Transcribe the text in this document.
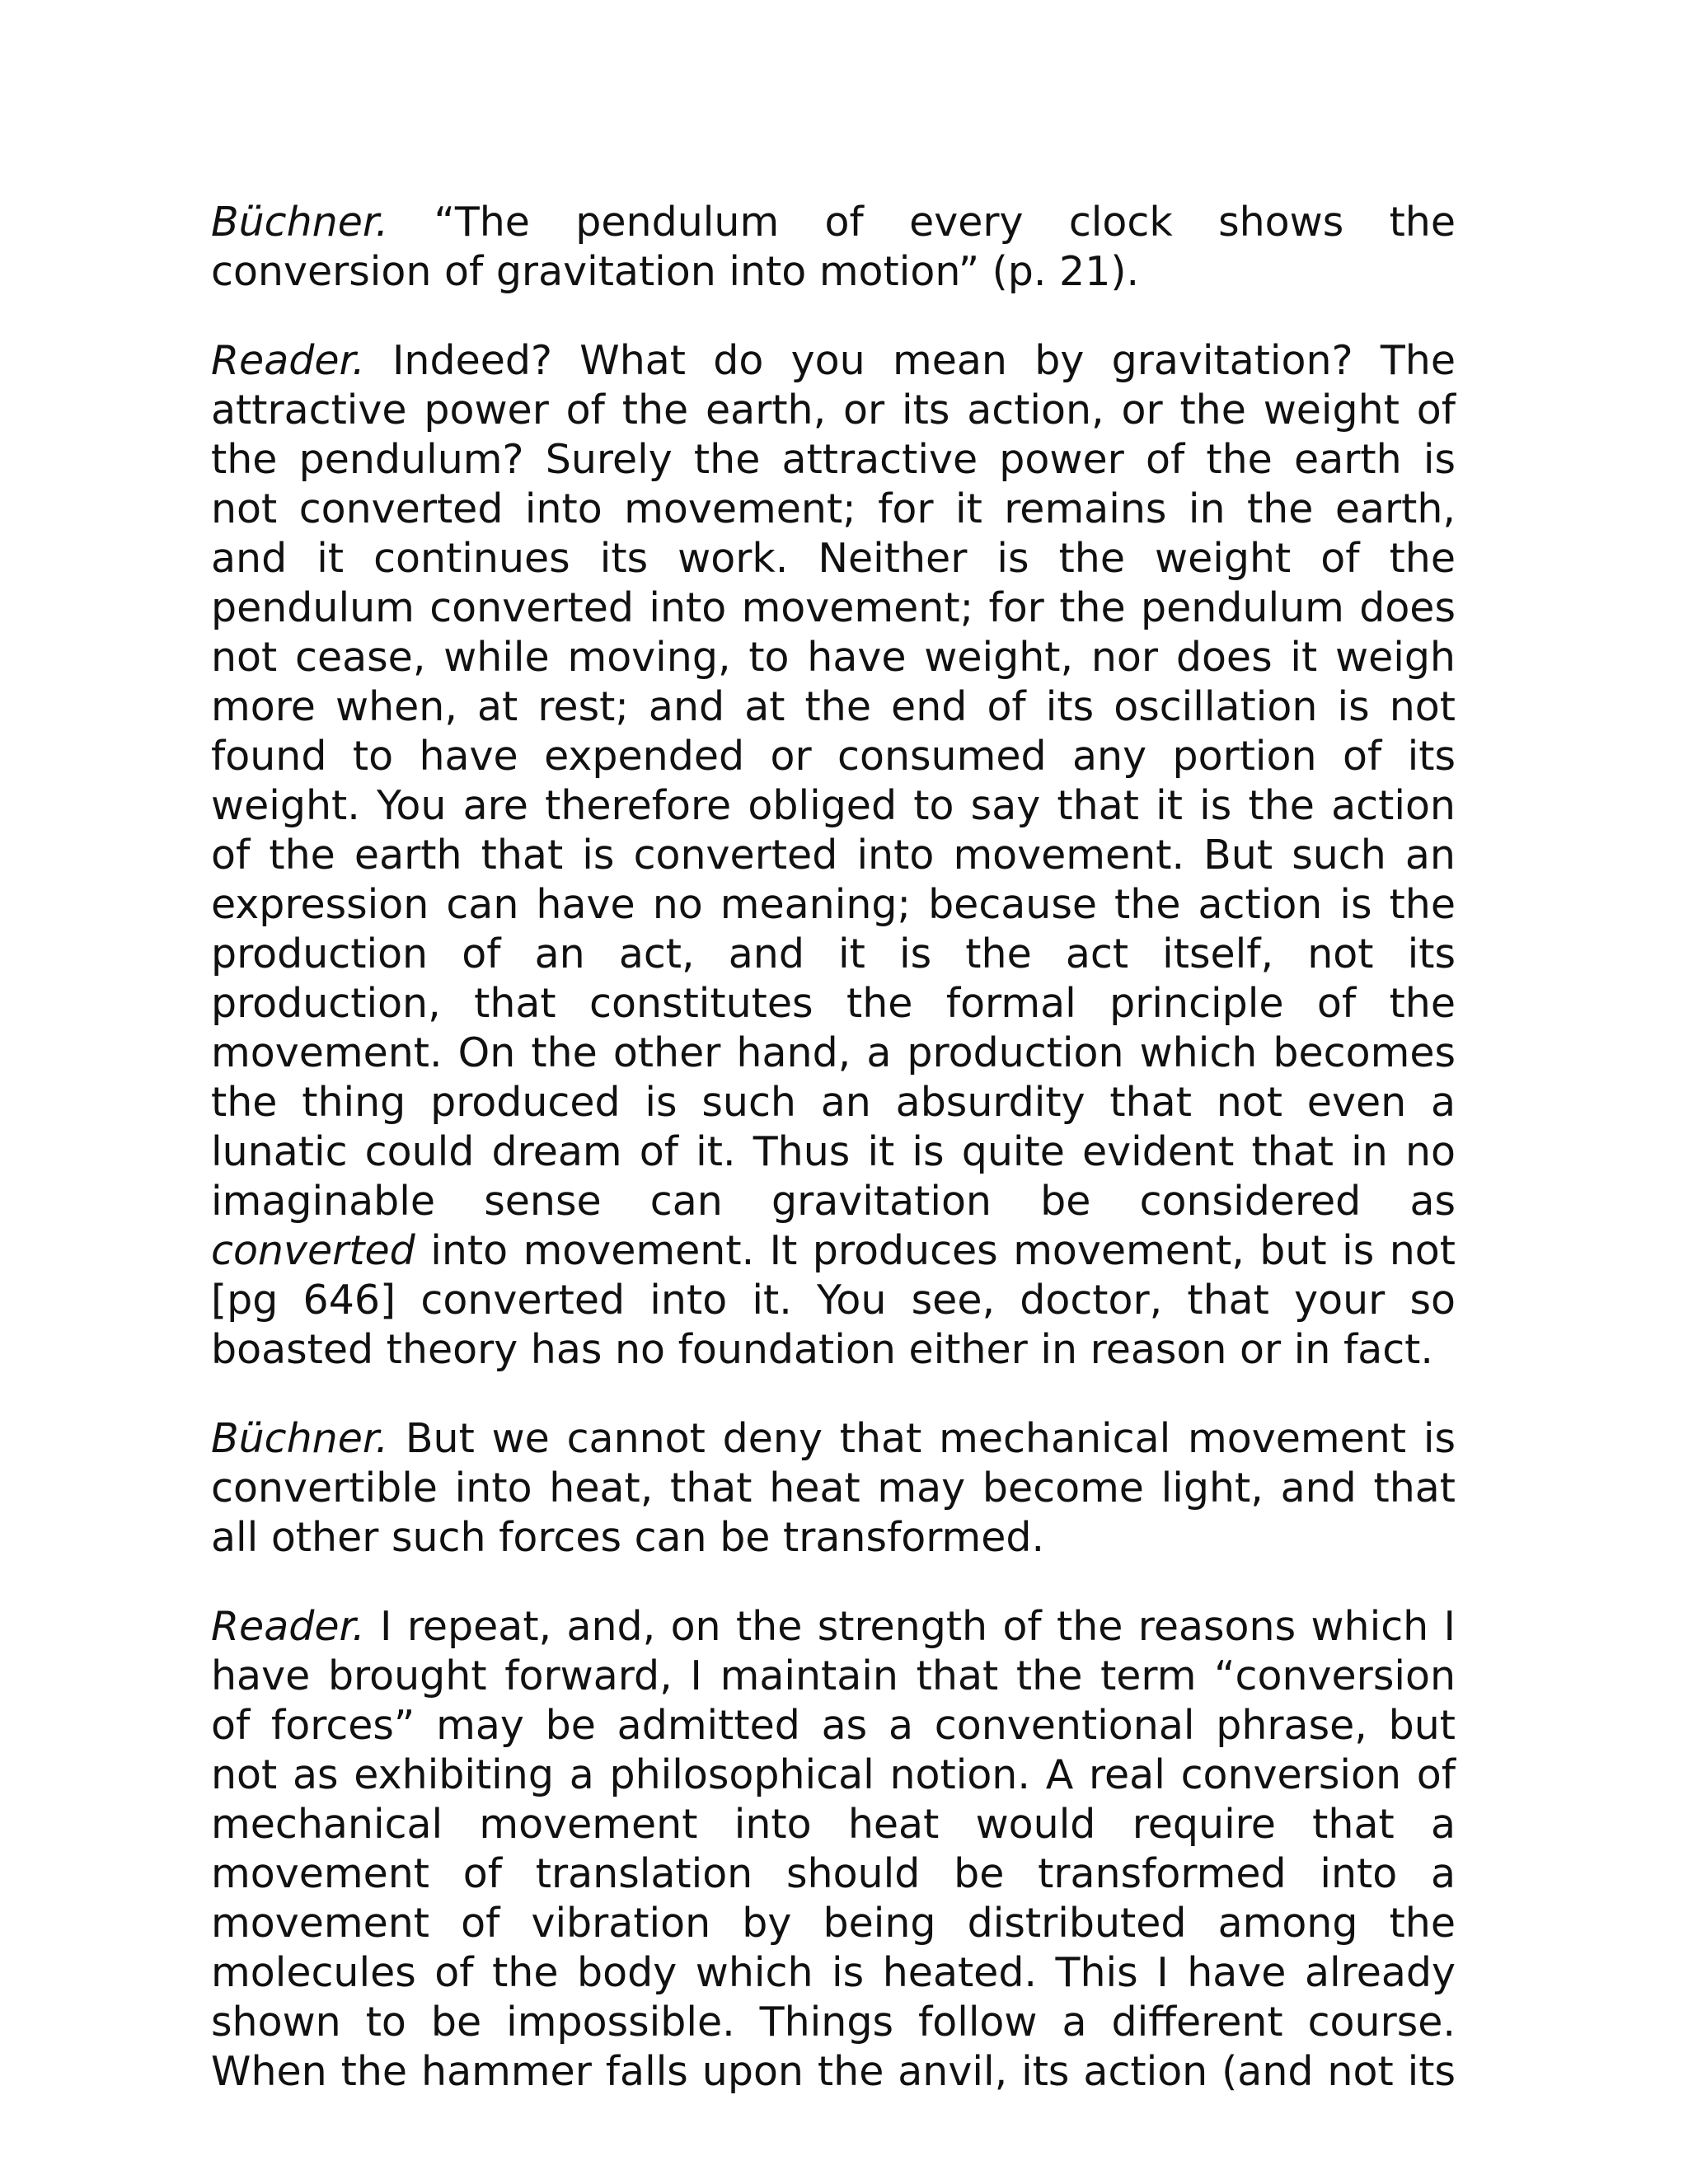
Büchner. “The pendulum of every clock shows the conversion of gravitation into motion” (p. 21).

Reader. Indeed? What do you mean by gravitation? The attractive power of the earth, or its action, or the weight of the pendulum? Surely the attractive power of the earth is not converted into movement; for it remains in the earth, and it continues its work. Neither is the weight of the pendulum converted into movement; for the pendulum does not cease, while moving, to have weight, nor does it weigh more when, at rest; and at the end of its oscillation is not found to have expended or consumed any portion of its weight. You are therefore obliged to say that it is the action of the earth that is converted into movement. But such an expression can have no meaning; because the action is the production of an act, and it is the act itself, not its production, that constitutes the formal principle of the movement. On the other hand, a production which becomes the thing produced is such an absurdity that not even a lunatic could dream of it. Thus it is quite evident that in no imaginable sense can gravitation be considered as converted into movement. It produces movement, but is not [pg 646] converted into it. You see, doctor, that your so boasted theory has no foundation either in reason or in fact.

Büchner. But we cannot deny that mechanical movement is convertible into heat, that heat may become light, and that all other such forces can be transformed.

Reader. I repeat, and, on the strength of the reasons which I have brought forward, I maintain that the term “conversion of forces” may be admitted as a conventional phrase, but not as exhibiting a philosophical notion. A real conversion of mechanical movement into heat would require that a movement of translation should be transformed into a movement of vibration by being distributed among the molecules of the body which is heated. This I have already shown to be impossible. Things follow a different course. When the hammer falls upon the anvil, its action (and not its
